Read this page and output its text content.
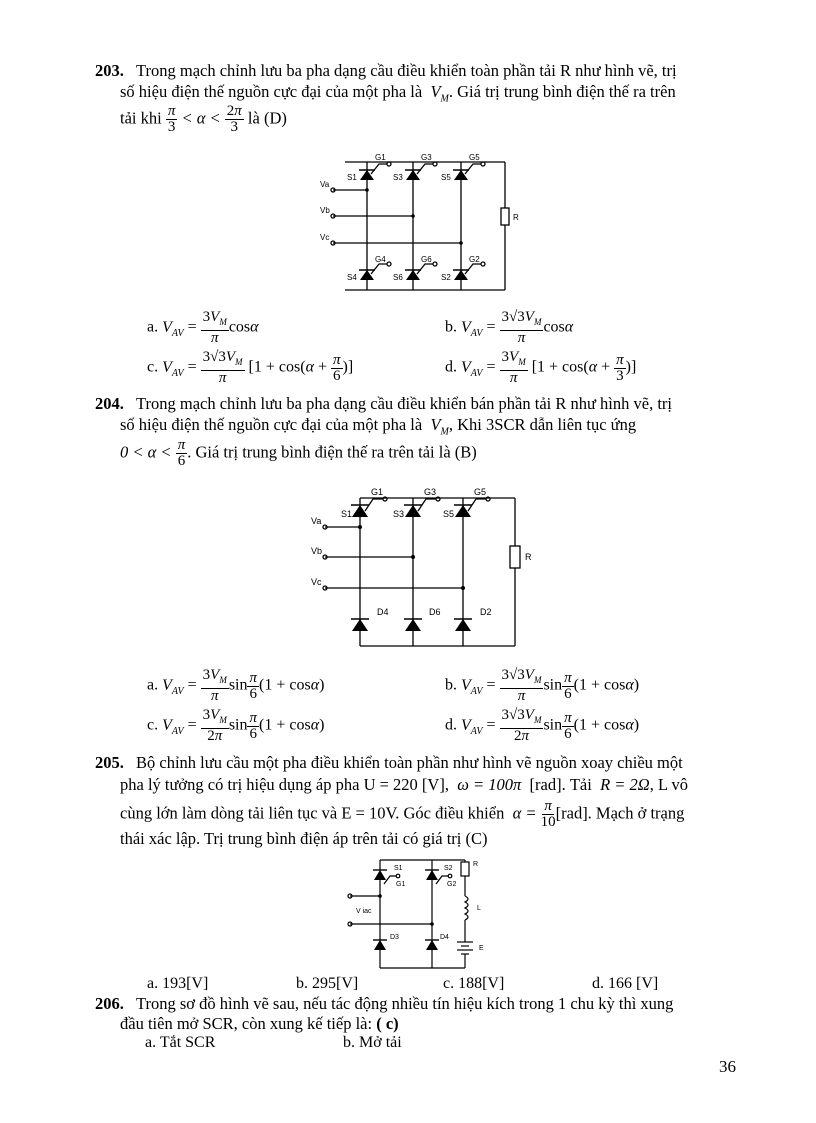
203. Trong mạch chỉnh lưu ba pha dạng cầu điều khiển toàn phần tải R như hình vẽ, trị
số hiệu điện thế nguồn cực đại của một pha là  $V_M$. Giá trị trung bình điện thế ra trên
tải khi $\frac{\pi}{3} < \alpha < \frac{2\pi}{3}$ là (D)
G1	G3	G5
S1	S3	S5
Va
Vb
Vc
R
G4	G6	G2
S4	S6	S2
a. $V_{AV} = \frac{3V_M}{\pi}$ cosα	b. $V_{AV} = \frac{3√3V_M}{\pi}$ cosα
c. $V_{AV} = \frac{3√3V_M}{\pi} [1 + \cos(\alpha + \frac{\pi}{6}$ )]	d. $V_{AV} = \frac{3V_M}{\pi} [1 + \cos(\alpha + \frac{\pi}{3}$ )]
204. Trong mạch chỉnh lưu ba pha dạng cầu điều khiển bán phần tải R như hình vẽ, trị
số hiệu điện thế nguồn cực đại của một pha là  $V_M$, Khi 3SCR dẫn liên tục ứng
$0 < \alpha < \frac{\pi}{6}$ . Giá trị trung bình điện thế ra trên tải là (B)
G1	G3	G5
S1	S3	S5
Va
Vb
Vc
R
D4	D6	D2
a. $V_{AV} = \frac{3V_M}{\pi}$ $\sin \frac{\pi}{6} (1 + \cos\alpha)$	b. $V_{AV} = \frac{3√3V_M}{\pi}$ $\sin \frac{\pi}{6} (1 + \cos\alpha)$
c. $V_{AV} = \frac{3V_M}{2\pi}$ $\sin \frac{\pi}{6} (1 + \cos\alpha)$	d. $V_{AV} = \frac{3√3V_M}{2\pi}$ $\sin \frac{\pi}{6} (1 + \cos\alpha)$
205. Bộ chỉnh lưu cầu một pha điều khiển toàn phần như hình vẽ nguồn xoay chiều một
pha lý tưởng có trị hiệu dụng áp pha U = 220 [V],  ω = 100π  [rad]. Tải  R = 2Ω, L vô
cùng lớn làm dòng tải liên tục và E = 10V. Góc điều khiển  $\alpha = \frac{\pi}{10} [rad]$. Mạch ở trạng
thái xác lập. Trị trung bình điện áp trên tải có giá trị (C)
S1	S2
R
G1	G2
L
V iac
D3	D4
E
a. 193[V]	b. 295[V]	c. 188[V]	d. 166 [V]
206. Trong sơ đồ hình vẽ sau, nếu tác động nhiều tín hiệu kích trong 1 chu kỳ thì xung
đầu tiên mở SCR, còn xung kế tiếp là: ( c)
a. Tắt SCR	b. Mở tải
36
